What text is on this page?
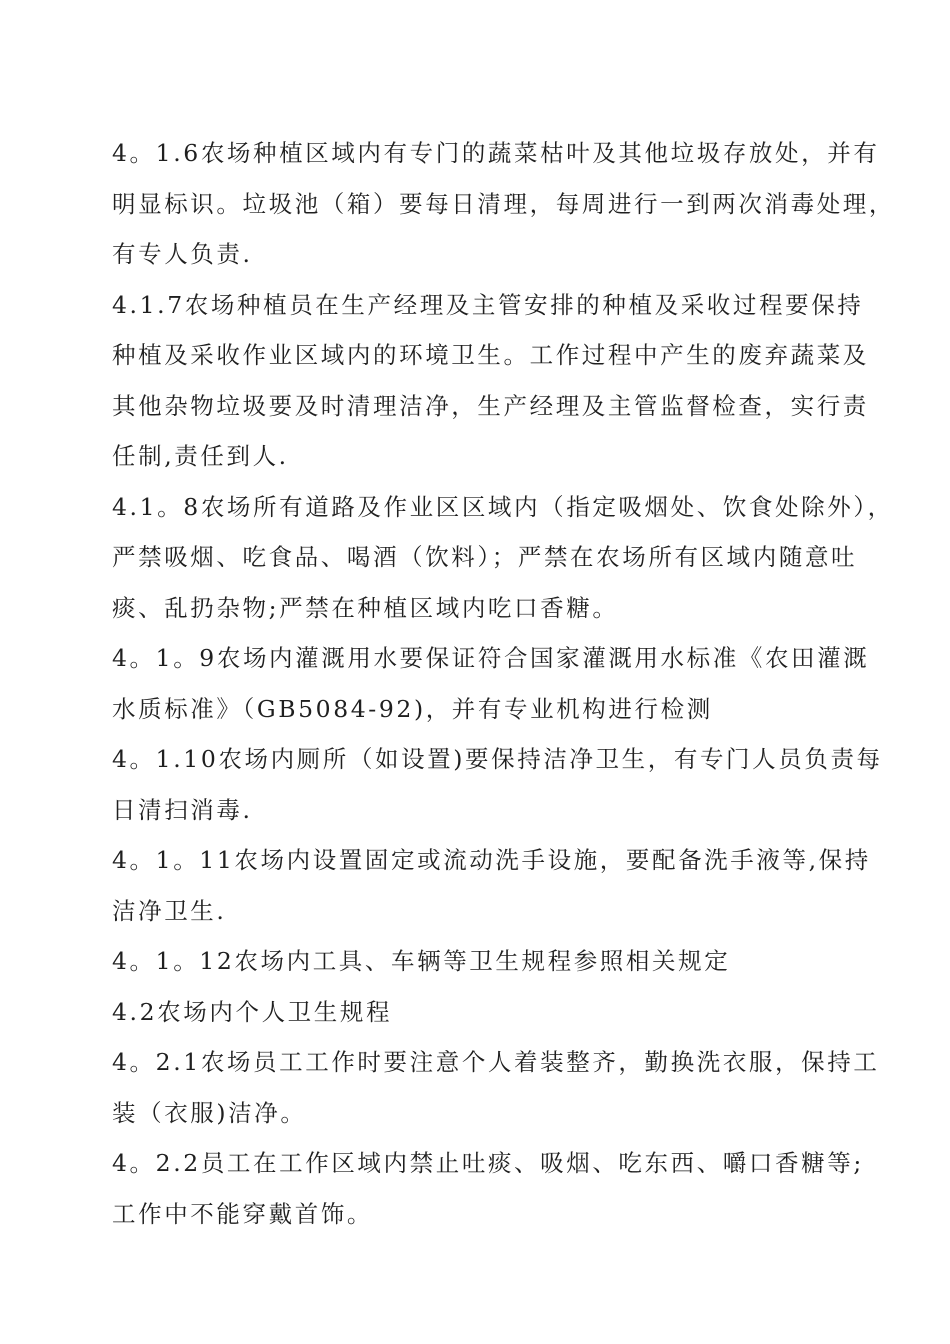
4。1.6农场种植区域内有专门的蔬菜枯叶及其他垃圾存放处，并有
明显标识。垃圾池（箱）要每日清理，每周进行一到两次消毒处理，
有专人负责.
4.1.7农场种植员在生产经理及主管安排的种植及采收过程要保持
种植及采收作业区域内的环境卫生。工作过程中产生的废弃蔬菜及
其他杂物垃圾要及时清理洁净，生产经理及主管监督检查，实行责
任制,责任到人.
4.1。8农场所有道路及作业区区域内（指定吸烟处、饮食处除外），
严禁吸烟、吃食品、喝酒（饮料）；严禁在农场所有区域内随意吐
痰、乱扔杂物;严禁在种植区域内吃口香糖。
4。1。9农场内灌溉用水要保证符合国家灌溉用水标准《农田灌溉
水质标准》（GB5084-92)，并有专业机构进行检测
4。1.10农场内厕所（如设置)要保持洁净卫生，有专门人员负责每
日清扫消毒.
4。1。11农场内设置固定或流动洗手设施，要配备洗手液等,保持
洁净卫生.
4。1。12农场内工具、车辆等卫生规程参照相关规定
4.2农场内个人卫生规程
4。2.1农场员工工作时要注意个人着装整齐，勤换洗衣服，保持工
装（衣服)洁净。
4。2.2员工在工作区域内禁止吐痰、吸烟、吃东西、嚼口香糖等;
工作中不能穿戴首饰。
